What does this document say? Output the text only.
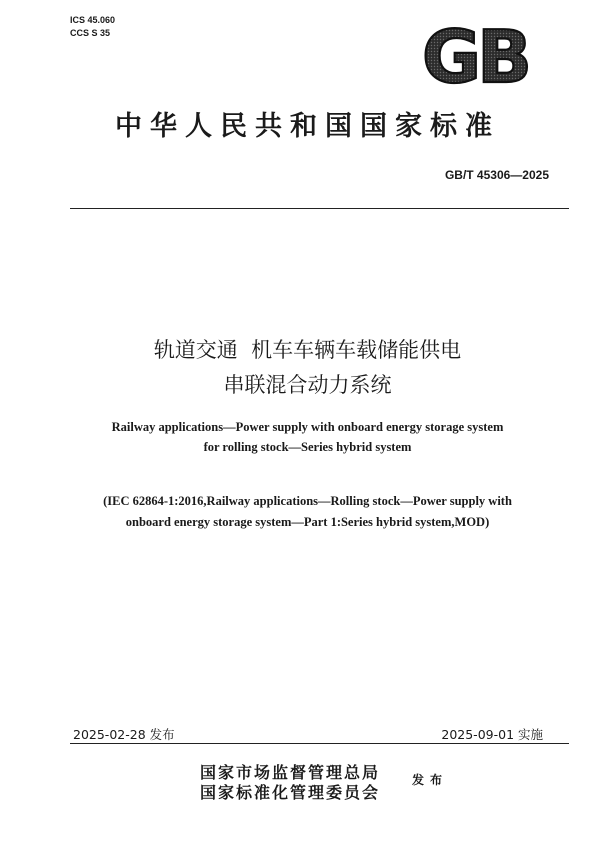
ICS 45.060
CCS S 35	GB
中华人民共和国国家标准
GB/T 45306—2025
轨道交通  机车车辆车载储能供电
串联混合动力系统
Railway applications—Power supply with onboard energy storage system
for rolling stock—Series hybrid system
(IEC 62864-1:2016,Railway applications—Rolling stock—Power supply with
onboard energy storage system—Part 1:Series hybrid system,MOD)
2025-02-28 发布	2025-09-01 实施
国家市场监督管理总局
国家标准化管理委员会
发布
